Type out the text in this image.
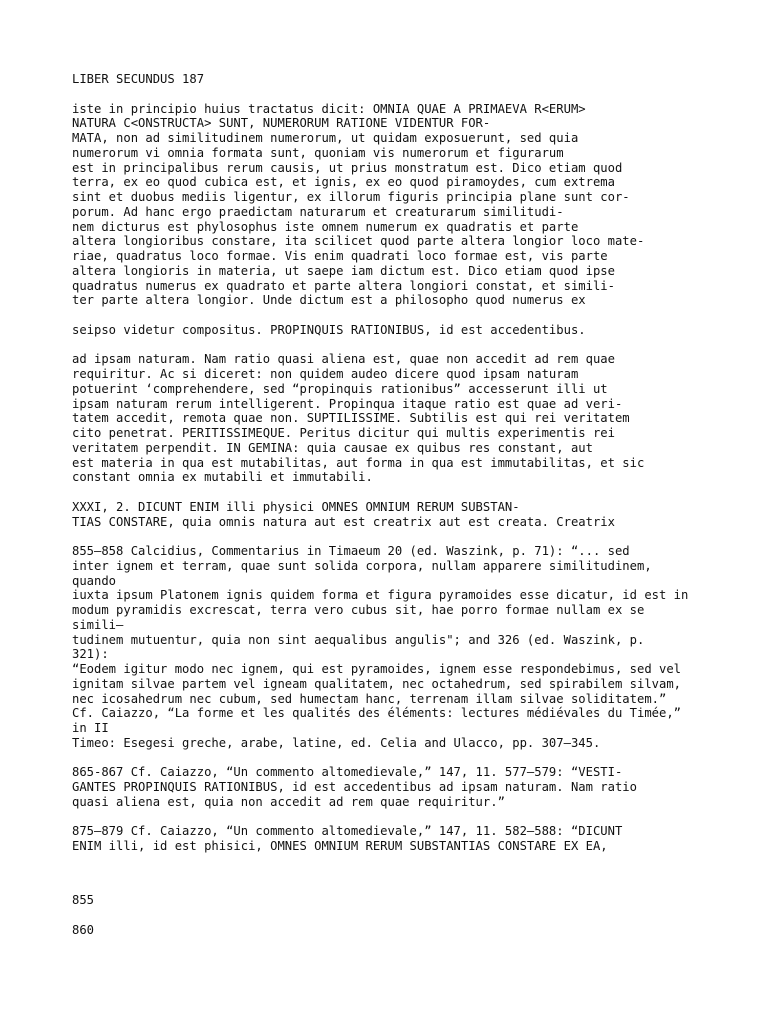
LIBER SECUNDUS 187
iste in principio huius tractatus dicit: OMNIA QUAE A PRIMAEVA R<ERUM>
NATURA C<ONSTRUCTA> SUNT, NUMERORUM RATIONE VIDENTUR FOR-
MATA, non ad similitudinem numerorum, ut quidam exposuerunt, sed quia
numerorum vi omnia formata sunt, quoniam vis numerorum et figurarum
est in principalibus rerum causis, ut prius monstratum est. Dico etiam quod
terra, ex eo quod cubica est, et ignis, ex eo quod piramoydes, cum extrema
sint et duobus mediis ligentur, ex illorum figuris principia plane sunt cor-
porum. Ad hanc ergo praedictam naturarum et creaturarum similitudi-
nem dicturus est phylosophus iste omnem numerum ex quadratis et parte
altera longioribus constare, ita scilicet quod parte altera longior loco mate-
riae, quadratus loco formae. Vis enim quadrati loco formae est, vis parte
altera longioris in materia, ut saepe iam dictum est. Dico etiam quod ipse
quadratus numerus ex quadrato et parte altera longiori constat, et simili-
ter parte altera longior. Unde dictum est a philosopho quod numerus ex
seipso videtur compositus. PROPINQUIS RATIONIBUS, id est accedentibus.
ad ipsam naturam. Nam ratio quasi aliena est, quae non accedit ad rem quae
requiritur. Ac si diceret: non quidem audeo dicere quod ipsam naturam
potuerint ‘comprehendere, sed “propinquis rationibus” accesserunt illi ut
ipsam naturam rerum intelligerent. Propinqua itaque ratio est quae ad veri-
tatem accedit, remota quae non. SUPTILISSIME. Subtilis est qui rei veritatem
cito penetrat. PERITISSIMEQUE. Peritus dicitur qui multis experimentis rei
veritatem perpendit. IN GEMINA: quia causae ex quibus res constant, aut
est materia in qua est mutabilitas, aut forma in qua est immutabilitas, et sic
constant omnia ex mutabili et immutabili.
XXXI, 2. DICUNT ENIM illi physici OMNES OMNIUM RERUM SUBSTAN-
TIAS CONSTARE, quia omnis natura aut est creatrix aut est creata. Creatrix
855—858 Calcidius, Commentarius in Timaeum 20 (ed. Waszink, p. 71): “... sed
inter ignem et terram, quae sunt solida corpora, nullam apparere similitudinem,
quando
iuxta ipsum Platonem ignis quidem forma et figura pyramoides esse dicatur, id est in
modum pyramidis excrescat, terra vero cubus sit, hae porro formae nullam ex se
simili—
tudinem mutuentur, quia non sint aequalibus angulis"; and 326 (ed. Waszink, p.
321):
“Eodem igitur modo nec ignem, qui est pyramoides, ignem esse respondebimus, sed vel
ignitam silvae partem vel igneam qualitatem, nec octahedrum, sed spirabilem silvam,
nec icosahedrum nec cubum, sed humectam hanc, terrenam illam silvae soliditatem.”
Cf. Caiazzo, “La forme et les qualités des éléments: lectures médiévales du Timée,”
in II
Timeo: Esegesi greche, arabe, latine, ed. Celia and Ulacco, pp. 307—345.
865-867 Cf. Caiazzo, “Un commento altomedievale,” 147, 11. 577—579: “VESTI-
GANTES PROPINQUIS RATIONIBUS, id est accedentibus ad ipsam naturam. Nam ratio
quasi aliena est, quia non accedit ad rem quae requiritur.”
875—879 Cf. Caiazzo, “Un commento altomedievale,” 147, 11. 582—588: “DICUNT
ENIM illi, id est phisici, OMNES OMNIUM RERUM SUBSTANTIAS CONSTARE EX EA,
855
860
